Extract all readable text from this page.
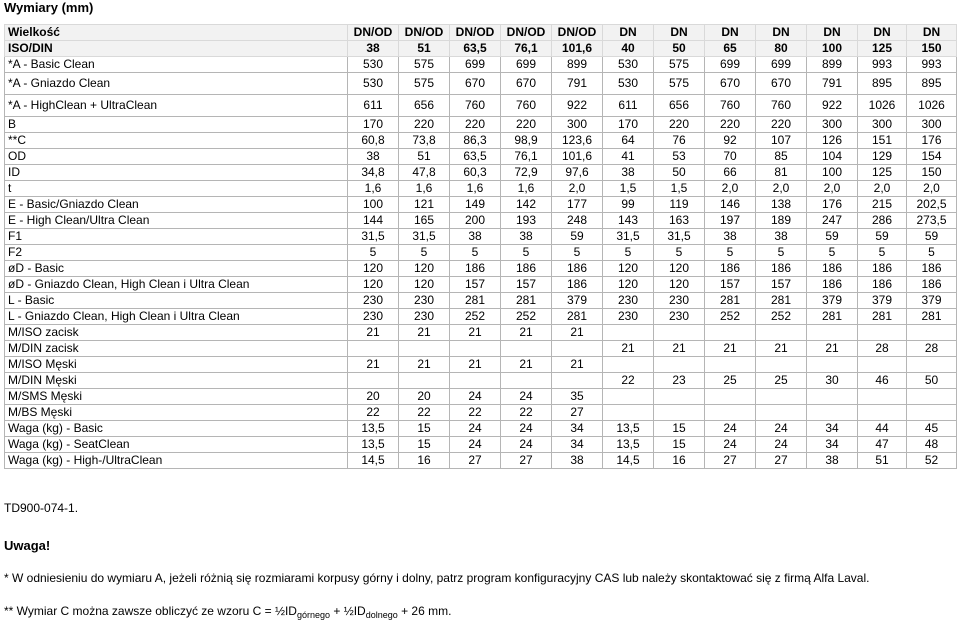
Wymiary (mm)
Wielkość	DN/OD	DN/OD	DN/OD	DN/OD	DN/OD	DN	DN	DN	DN	DN	DN	DN
ISO/DIN	38	51	63,5	76,1	101,6	40	50	65	80	100	125	150
*A - Basic Clean	530	575	699	699	899	530	575	699	699	899	993	993
*A - Gniazdo Clean	530	575	670	670	791	530	575	670	670	791	895	895
*A - HighClean + UltraClean	611	656	760	760	922	611	656	760	760	922	1026	1026
B	170	220	220	220	300	170	220	220	220	300	300	300
**C	60,8	73,8	86,3	98,9	123,6	64	76	92	107	126	151	176
OD	38	51	63,5	76,1	101,6	41	53	70	85	104	129	154
ID	34,8	47,8	60,3	72,9	97,6	38	50	66	81	100	125	150
t	1,6	1,6	1,6	1,6	2,0	1,5	1,5	2,0	2,0	2,0	2,0	2,0
E - Basic/Gniazdo Clean	100	121	149	142	177	99	119	146	138	176	215	202,5
E - High Clean/Ultra Clean	144	165	200	193	248	143	163	197	189	247	286	273,5
F1	31,5	31,5	38	38	59	31,5	31,5	38	38	59	59	59
F2	5	5	5	5	5	5	5	5	5	5	5	5
øD - Basic	120	120	186	186	186	120	120	186	186	186	186	186
øD - Gniazdo Clean, High Clean i Ultra Clean	120	120	157	157	186	120	120	157	157	186	186	186
L - Basic	230	230	281	281	379	230	230	281	281	379	379	379
L - Gniazdo Clean, High Clean i Ultra Clean	230	230	252	252	281	230	230	252	252	281	281	281
M/ISO zacisk	21	21	21	21	21							
M/DIN zacisk						21	21	21	21	21	28	28
M/ISO Męski	21	21	21	21	21							
M/DIN Męski						22	23	25	25	30	46	50
M/SMS Męski	20	20	24	24	35							
M/BS Męski	22	22	22	22	27							
Waga (kg) - Basic	13,5	15	24	24	34	13,5	15	24	24	34	44	45
Waga (kg) - SeatClean	13,5	15	24	24	34	13,5	15	24	24	34	47	48
Waga (kg) - High-/UltraClean	14,5	16	27	27	38	14,5	16	27	27	38	51	52
TD900-074-1.
Uwaga!
* W odniesieniu do wymiaru A, jeżeli różnią się rozmiarami korpusy górny i dolny, patrz program konfiguracyjny CAS lub należy skontaktować się z firmą Alfa Laval.
** Wymiar C można zawsze obliczyć ze wzoru $C = \frac{1}{2}ID_{górnego}$ + $\frac{1}{2}ID_{dolnego} + 26$ mm.
